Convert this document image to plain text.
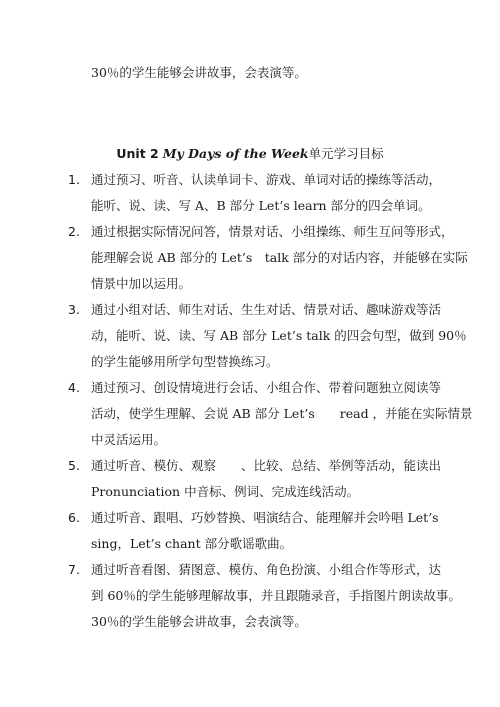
30％的学生能够会讲故事，会表演等。
Unit 2 My Days of the Week单元学习目标
1. 通过预习、听音、认读单词卡、游戏、单词对话的操练等活动，
能听、说、读、写 A、B 部分 Let’s learn 部分的四会单词。
2. 通过根据实际情况问答，情景对话、小组操练、师生互问等形式，
能理解会说 AB 部分的 Let’s　talk 部分的对话内容，并能够在实际
情景中加以运用。
3. 通过小组对话、师生对话、生生对话、情景对话、趣味游戏等活
动，能听、说、读、写 AB 部分 Let’s talk 的四会句型，做到 90％
的学生能够用所学句型替换练习。
4. 通过预习、创设情境进行会话、小组合作、带着问题独立阅读等
活动，使学生理解、会说 AB 部分 Let’s　　read ，并能在实际情景
中灵活运用。
5. 通过听音、模仿、观察　　、比较、总结、举例等活动，能读出
Pronunciation 中音标、例词、完成连线活动。
6. 通过听音、跟唱、巧妙替换、唱演结合、能理解并会吟唱 Let’s
sing，Let’s chant 部分歌谣歌曲。
7. 通过听音看图、猜图意、模仿、角色扮演、小组合作等形式，达
到 60％的学生能够理解故事，并且跟随录音，手指图片朗读故事。
30％的学生能够会讲故事，会表演等。
